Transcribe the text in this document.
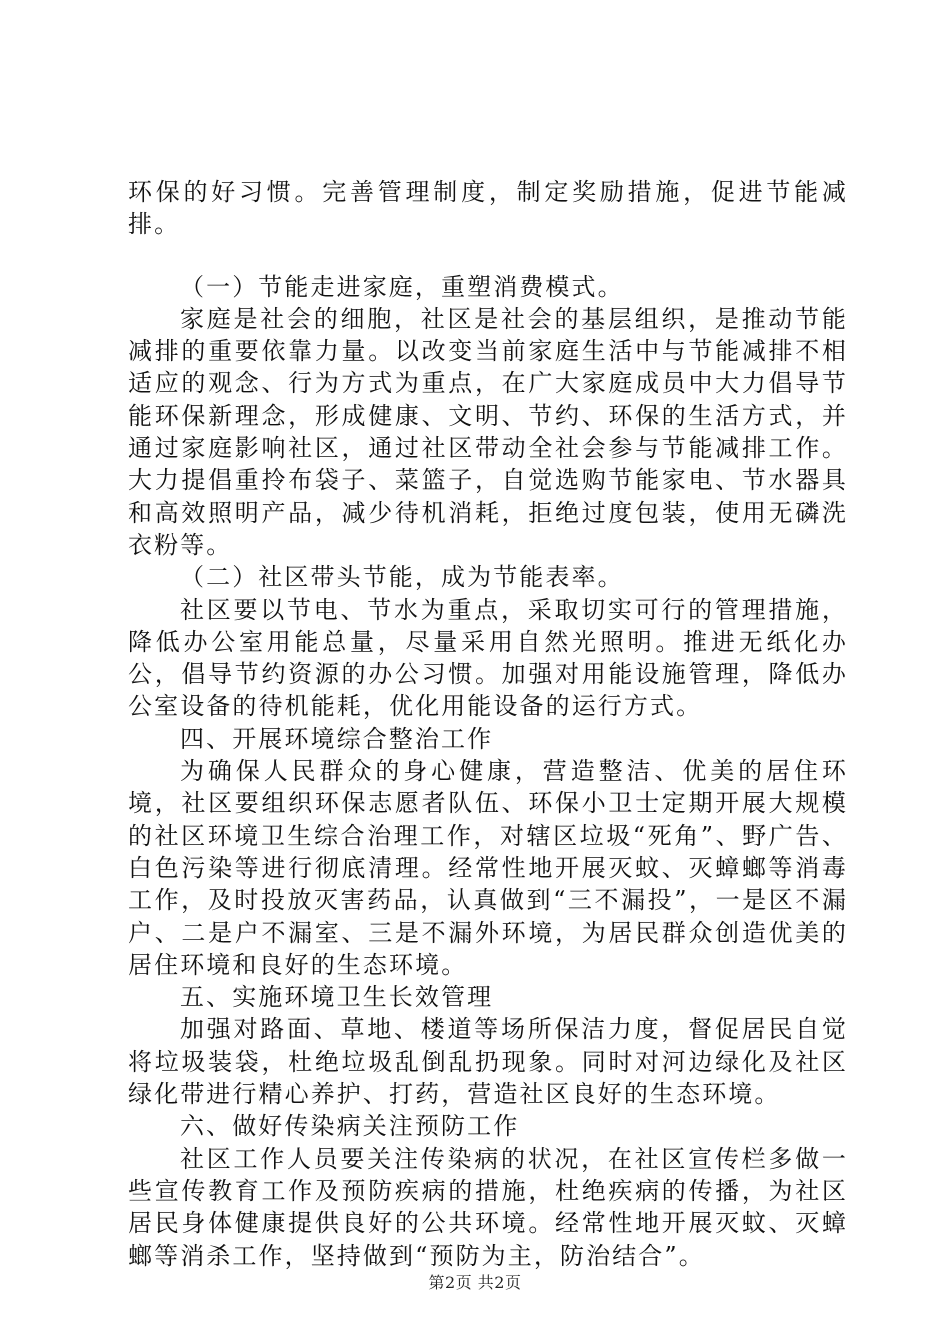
环保的好习惯。完善管理制度，制定奖励措施，促进节能减排。

（一）节能走进家庭，重塑消费模式。

家庭是社会的细胞，社区是社会的基层组织，是推动节能减排的重要依靠力量。以改变当前家庭生活中与节能减排不相适应的观念、行为方式为重点，在广大家庭成员中大力倡导节能环保新理念，形成健康、文明、节约、环保的生活方式，并通过家庭影响社区，通过社区带动全社会参与节能减排工作。大力提倡重拎布袋子、菜篮子，自觉选购节能家电、节水器具和高效照明产品，减少待机消耗，拒绝过度包装，使用无磷洗衣粉等。

（二）社区带头节能，成为节能表率。

社区要以节电、节水为重点，采取切实可行的管理措施，降低办公室用能总量，尽量采用自然光照明。推进无纸化办公，倡导节约资源的办公习惯。加强对用能设施管理，降低办公室设备的待机能耗，优化用能设备的运行方式。

四、开展环境综合整治工作

为确保人民群众的身心健康，营造整洁、优美的居住环境，社区要组织环保志愿者队伍、环保小卫士定期开展大规模的社区环境卫生综合治理工作，对辖区垃圾“死角”、野广告、白色污染等进行彻底清理。经常性地开展灭蚊、灭蟑螂等消毒工作，及时投放灭害药品，认真做到“三不漏投”，一是区不漏户、二是户不漏室、三是不漏外环境，为居民群众创造优美的居住环境和良好的生态环境。

五、实施环境卫生长效管理

加强对路面、草地、楼道等场所保洁力度，督促居民自觉将垃圾装袋，杜绝垃圾乱倒乱扔现象。同时对河边绿化及社区绿化带进行精心养护、打药，营造社区良好的生态环境。

六、做好传染病关注预防工作

社区工作人员要关注传染病的状况，在社区宣传栏多做一些宣传教育工作及预防疾病的措施，杜绝疾病的传播，为社区居民身体健康提供良好的公共环境。经常性地开展灭蚊、灭蟑螂等消杀工作，坚持做到“预防为主，防治结合”。

第2页 共2页
